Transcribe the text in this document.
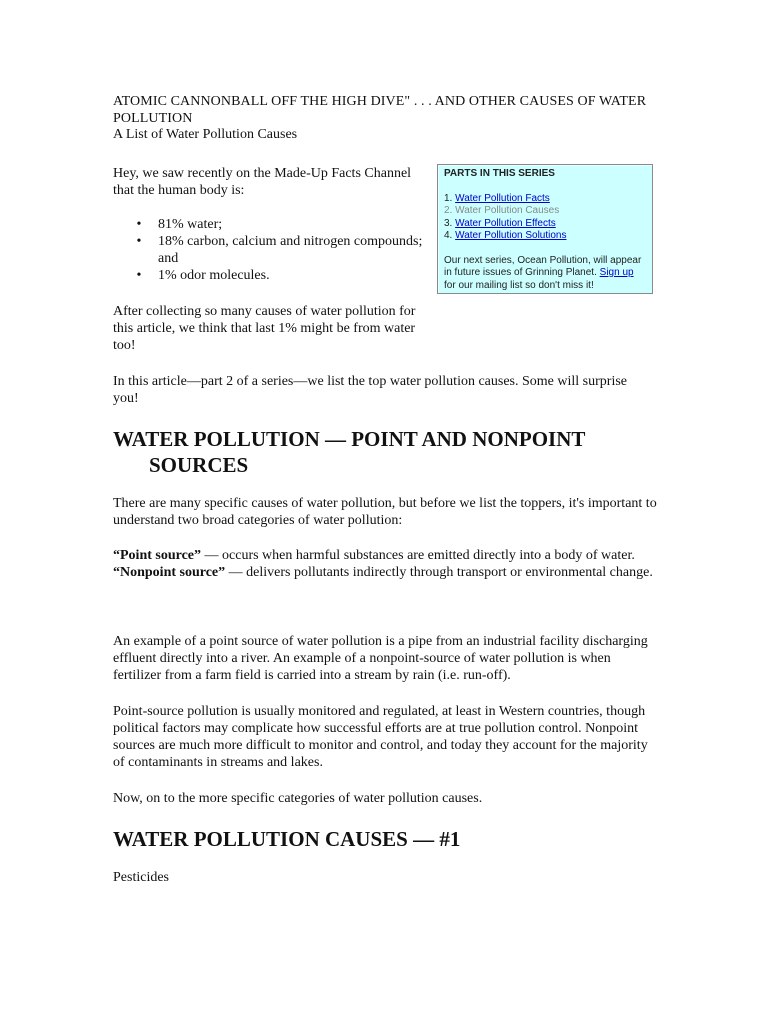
ATOMIC CANNONBALL OFF THE HIGH DIVE" . . . AND OTHER CAUSES OF WATER POLLUTION
A List of Water Pollution Causes
Hey, we saw recently on the Made-Up Facts Channel that the human body is:
• 81% water;
• 18% carbon, calcium and nitrogen compounds; and
• 1% odor molecules.
After collecting so many causes of water pollution for this article, we think that last 1% might be from water too!
In this article—part 2 of a series—we list the top water pollution causes. Some will surprise you!
PARTS IN THIS SERIES
1. Water Pollution Facts
2. Water Pollution Causes
3. Water Pollution Effects
4. Water Pollution Solutions
Our next series, Ocean Pollution, will appear in future issues of Grinning Planet. Sign up for our mailing list so don't miss it!
WATER POLLUTION — POINT AND NONPOINT
SOURCES
There are many specific causes of water pollution, but before we list the toppers, it's important to understand two broad categories of water pollution:
“Point source” — occurs when harmful substances are emitted directly into a body of water.
“Nonpoint source” — delivers pollutants indirectly through transport or environmental change.
An example of a point source of water pollution is a pipe from an industrial facility discharging effluent directly into a river. An example of a nonpoint-source of water pollution is when fertilizer from a farm field is carried into a stream by rain (i.e. run-off).
Point-source pollution is usually monitored and regulated, at least in Western countries, though political factors may complicate how successful efforts are at true pollution control. Nonpoint sources are much more difficult to monitor and control, and today they account for the majority of contaminants in streams and lakes.
Now, on to the more specific categories of water pollution causes.
WATER POLLUTION CAUSES — #1
Pesticides
